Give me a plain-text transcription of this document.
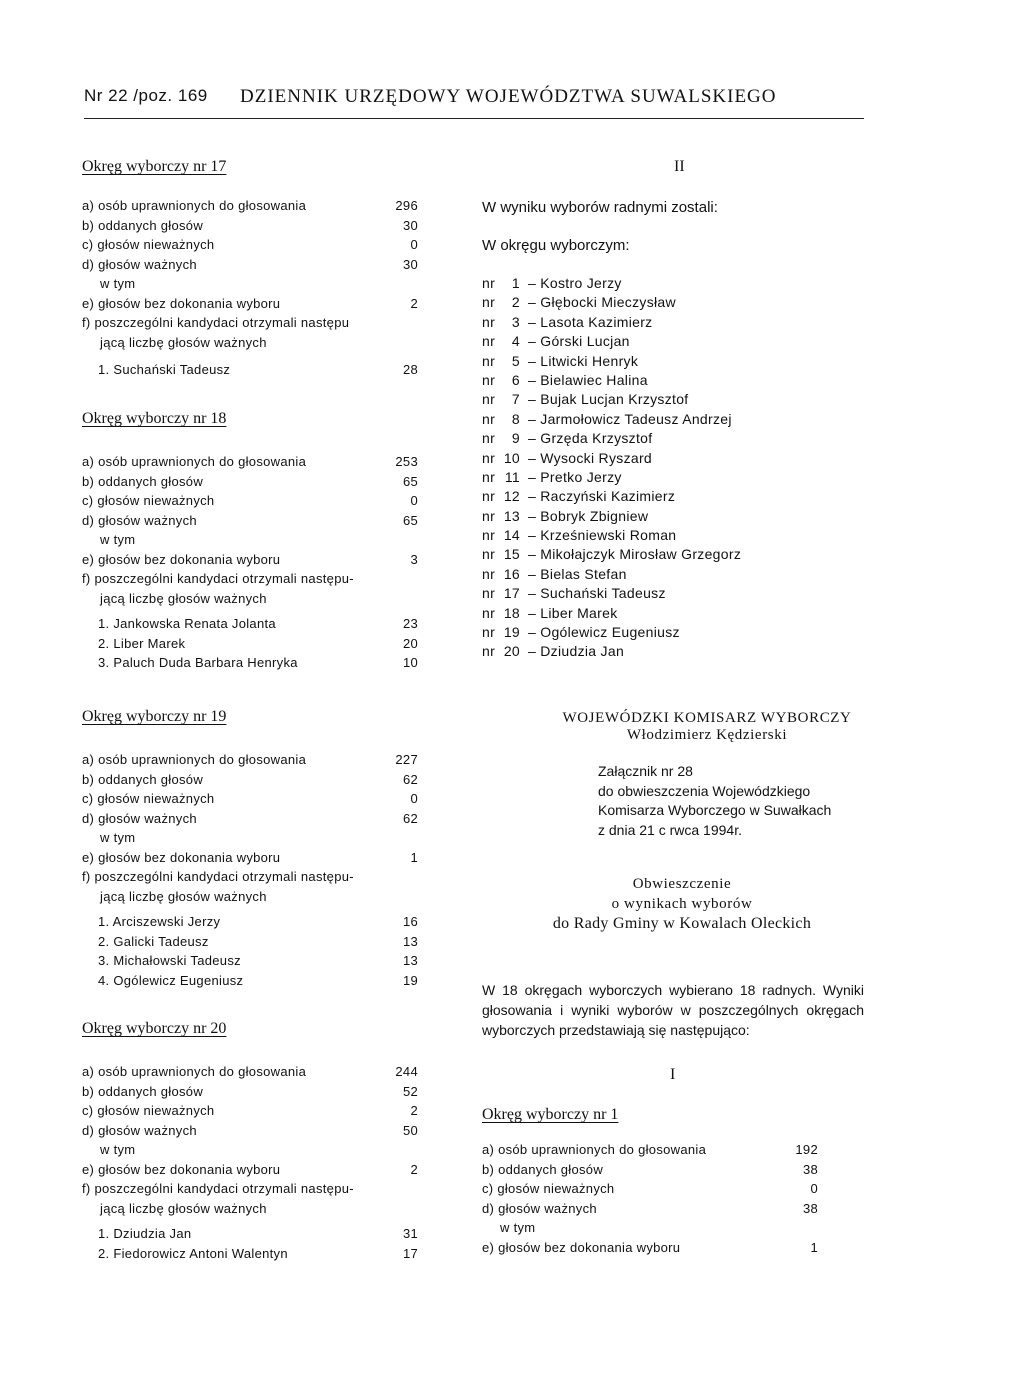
Nr 22 /poz. 169 DZIENNIK URZĘDOWY WOJEWÓDZTWA SUWALSKIEGO

Okręg wyborczy nr 17

a) osób uprawnionych do głosowania	296
b) oddanych głosów	30
c) głosów nieważnych	0
d) głosów ważnych	30
w tym
e) głosów bez dokonania wyboru	2
f) poszczególni kandydaci otrzymali następu
jącą liczbę głosów ważnych
1. Suchański Tadeusz	28

Okręg wyborczy nr 18

a) osób uprawnionych do głosowania	253
b) oddanych głosów	65
c) głosów nieważnych	0
d) głosów ważnych	65
w tym
e) głosów bez dokonania wyboru	3
f) poszczególni kandydaci otrzymali następu-
jącą liczbę głosów ważnych
1. Jankowska Renata Jolanta	23
2. Liber Marek	20
3. Paluch Duda Barbara Henryka	10

Okręg wyborczy nr 19

a) osób uprawnionych do głosowania	227
b) oddanych głosów	62
c) głosów nieważnych	0
d) głosów ważnych	62
w tym
e) głosów bez dokonania wyboru	1
f) poszczególni kandydaci otrzymali następu-
jącą liczbę głosów ważnych
1. Arciszewski Jerzy	16
2. Galicki Tadeusz	13
3. Michałowski Tadeusz	13
4. Ogólewicz Eugeniusz	19

Okręg wyborczy nr 20

a) osób uprawnionych do głosowania	244
b) oddanych głosów	52
c) głosów nieważnych	2
d) głosów ważnych	50
w tym
e) głosów bez dokonania wyboru	2
f) poszczególni kandydaci otrzymali następu-
jącą liczbę głosów ważnych
1. Dziudzia Jan	31
2. Fiedorowicz Antoni Walentyn	17
II

W wyniku wyborów radnymi zostali:

W okręgu wyborczym:

nr 1 – Kostro Jerzy
nr 2 – Głębocki Mieczysław
nr 3 – Lasota Kazimierz
nr 4 – Górski Lucjan
nr 5 – Litwicki Henryk
nr 6 – Bielawiec Halina
nr 7 – Bujak Lucjan Krzysztof
nr 8 – Jarmołowicz Tadeusz Andrzej
nr 9 – Grzęda Krzysztof
nr 10 – Wysocki Ryszard
nr 11 – Pretko Jerzy
nr 12 – Raczyński Kazimierz
nr 13 – Bobryk Zbigniew
nr 14 – Krześniewski Roman
nr 15 – Mikołajczyk Mirosław Grzegorz
nr 16 – Bielas Stefan
nr 17 – Suchański Tadeusz
nr 18 – Liber Marek
nr 19 – Ogólewicz Eugeniusz
nr 20 – Dziudzia Jan
WOJEWÓDZKI KOMISARZ WYBORCZY
Włodzimierz Kędzierski
Załącznik nr 28
do obwieszczenia Wojewódzkiego
Komisarza Wyborczego w Suwałkach
z dnia 21 c rwca 1994r.
Obwieszczenie
o wynikach wyborów
do Rady Gminy w Kowalach Oleckich

W 18 okręgach wyborczych wybierano 18 radnych. Wyniki głosowania i wyniki wyborów w poszczególnych okręgach wyborczych przedstawiają się następująco:

I

Okręg wyborczy nr 1

a) osób uprawnionych do głosowania	192
b) oddanych głosów	38
c) głosów nieważnych	0
d) głosów ważnych	38
w tym
e) głosów bez dokonania wyboru	1
